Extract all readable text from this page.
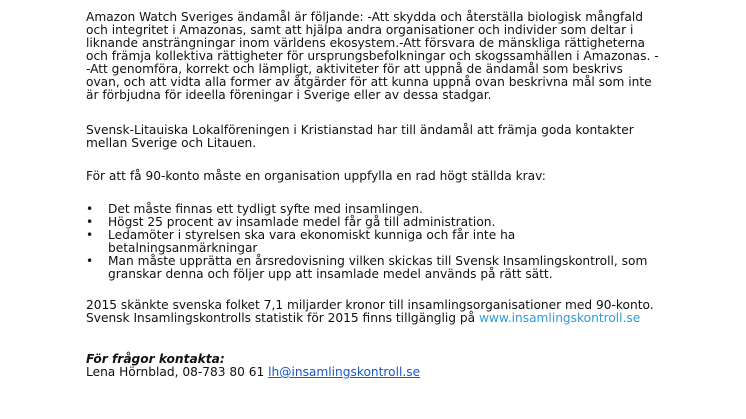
Amazon Watch Sveriges ändamål är följande: -Att skydda och återställa biologisk mångfald
och integritet i Amazonas, samt att hjälpa andra organisationer och individer som deltar i
liknande ansträngningar inom världens ekosystem.-Att försvara de mänskliga rättigheterna
och främja kollektiva rättigheter för ursprungsbefolkningar och skogssamhällen i Amazonas. -
-Att genomföra, korrekt och lämpligt, aktiviteter för att uppnå de ändamål som beskrivs
ovan, och att vidta alla former av åtgärder för att kunna uppnå ovan beskrivna mål som inte
är förbjudna för ideella föreningar i Sverige eller av dessa stadgar.
Svensk-Litauiska Lokalföreningen i Kristianstad har till ändamål att främja goda kontakter
mellan Sverige och Litauen.
För att få 90-konto måste en organisation uppfylla en rad högt ställda krav:
• Det måste finnas ett tydligt syfte med insamlingen.
• Högst 25 procent av insamlade medel får gå till administration.
• Ledamöter i styrelsen ska vara ekonomiskt kunniga och får inte ha
betalningsanmärkningar
• Man måste upprätta en årsredovisning vilken skickas till Svensk Insamlingskontroll, som
granskar denna och följer upp att insamlade medel används på rätt sätt.
2015 skänkte svenska folket 7,1 miljarder kronor till insamlingsorganisationer med 90-konto.
Svensk Insamlingskontrolls statistik för 2015 finns tillgänglig på www.insamlingskontroll.se
För frågor kontakta:
Lena Hörnblad, 08-783 80 61 lh@insamlingskontroll.se
